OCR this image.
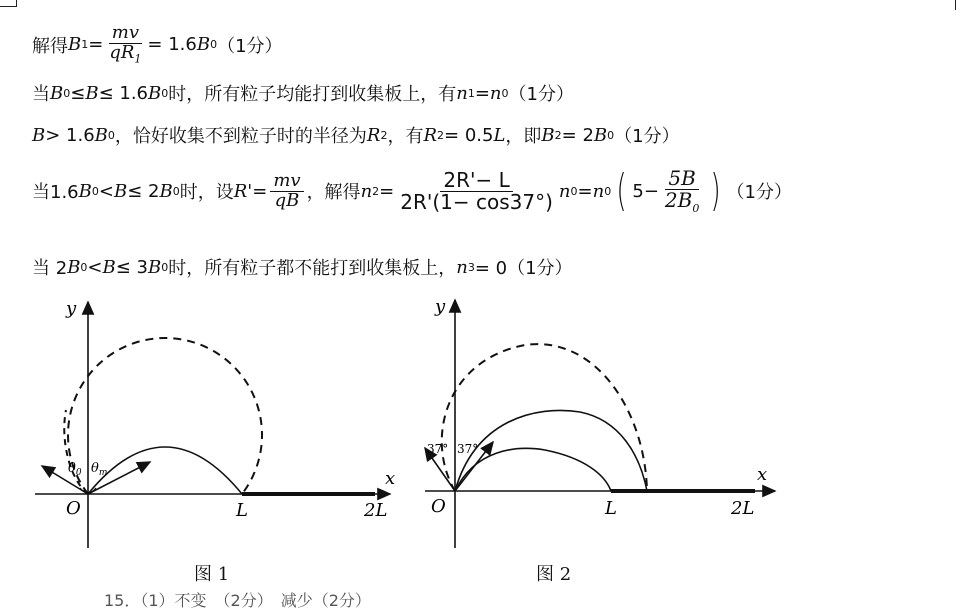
解得 B $1 = \frac{mv}{qR_1} = 1.6$ B 0 （1分）
当 B 0 ≤ B ≤ 1.6 B 0 时，所有粒子均能打到收集板上，有 n 1 = n 0 （1分）
B > 1.6 B 0 ，恰好收集不到粒子时的半径为 R 2 ，有 R 2 = 0.5 L ，即 B 2 = 2 B 0 （1分）
当1.6 B 0 < B ≤ 2 B 0 时，设 $R' = \frac{mv}{qB}$ ，解得 n $2 = \frac{2R'- L}{2R'(1- \cos 37^\circ)}$ n 0 = n 0 ( $5- \frac{5B}{2B_0}$ ) （1分）
当 2 B 0 < B ≤ 3 B 0 时，所有粒子都不能打到收集板上， n 3 = 0（1分）
$\theta_0$ $\theta_m$
y
x
O	L	2L
图 1
37° 37°
y
x
O	L	2L
图 2
15．（1）不变　（2分）　减少（2分）
